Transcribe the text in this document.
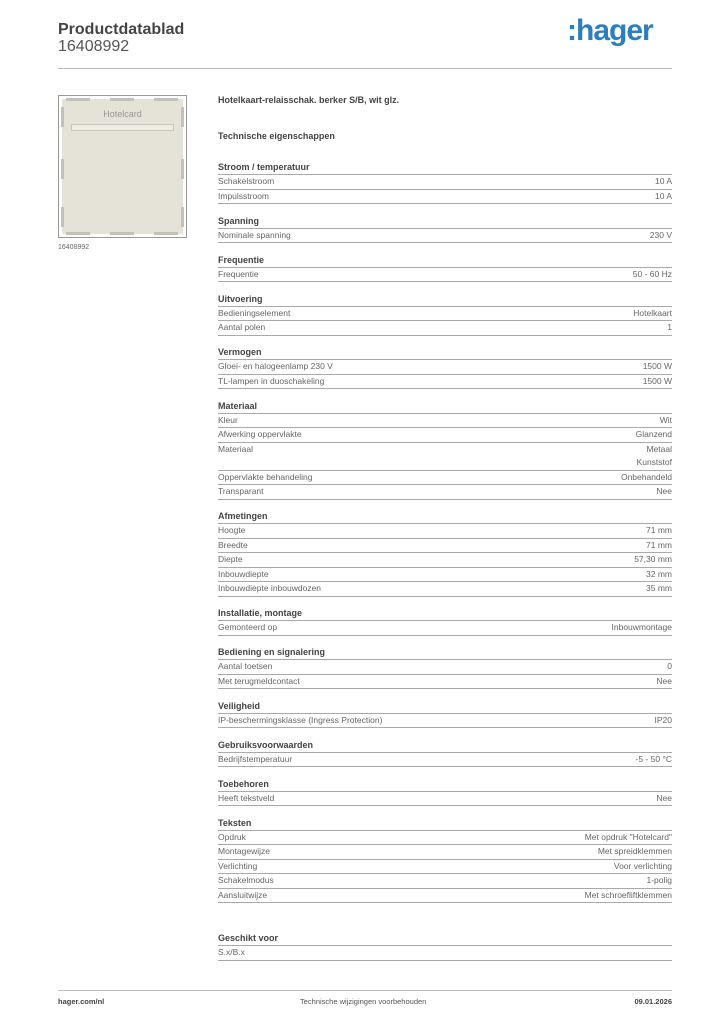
Productdatablad
16408992	:hager
Hotelcard
16408992
Hotelkaart-relaisschak. berker S/B, wit glz.
Technische eigenschappen
Stroom / temperatuur
Schakelstroom	10 A
Impulsstroom	10 A
Spanning
Nominale spanning	230 V
Frequentie
Frequentie	50 - 60 Hz
Uitvoering
Bedieningselement	Hotelkaart
Aantal polen	1
Vermogen
Gloei- en halogeenlamp 230 V	1500 W
TL-lampen in duoschakeling	1500 W
Materiaal
Kleur	Wit
Afwerking oppervlakte	Glanzend
Materiaal	Metaal
Kunststof
Oppervlakte behandeling	Onbehandeld
Transparant	Nee
Afmetingen
Hoogte	71 mm
Breedte	71 mm
Diepte	57,30 mm
Inbouwdiepte	32 mm
Inbouwdiepte inbouwdozen	35 mm
Installatie, montage
Gemonteerd op	Inbouwmontage
Bediening en signalering
Aantal toetsen	0
Met terugmeldcontact	Nee
Veiligheid
IP-beschermingsklasse (Ingress Protection)	IP20
Gebruiksvoorwaarden
Bedrijfstemperatuur	-5 - 50 °C
Toebehoren
Heeft tekstveld	Nee
Teksten
Opdruk	Met opdruk "Hotelcard"
Montagewijze	Met spreidklemmen
Verlichting	Voor verlichting
Schakelmodus	1-polig
Aansluitwijze	Met schroefliftklemmen
Geschikt voor
S.x/B.x
hager.com/nl	Technische wijzigingen voorbehouden	09.01.2026
